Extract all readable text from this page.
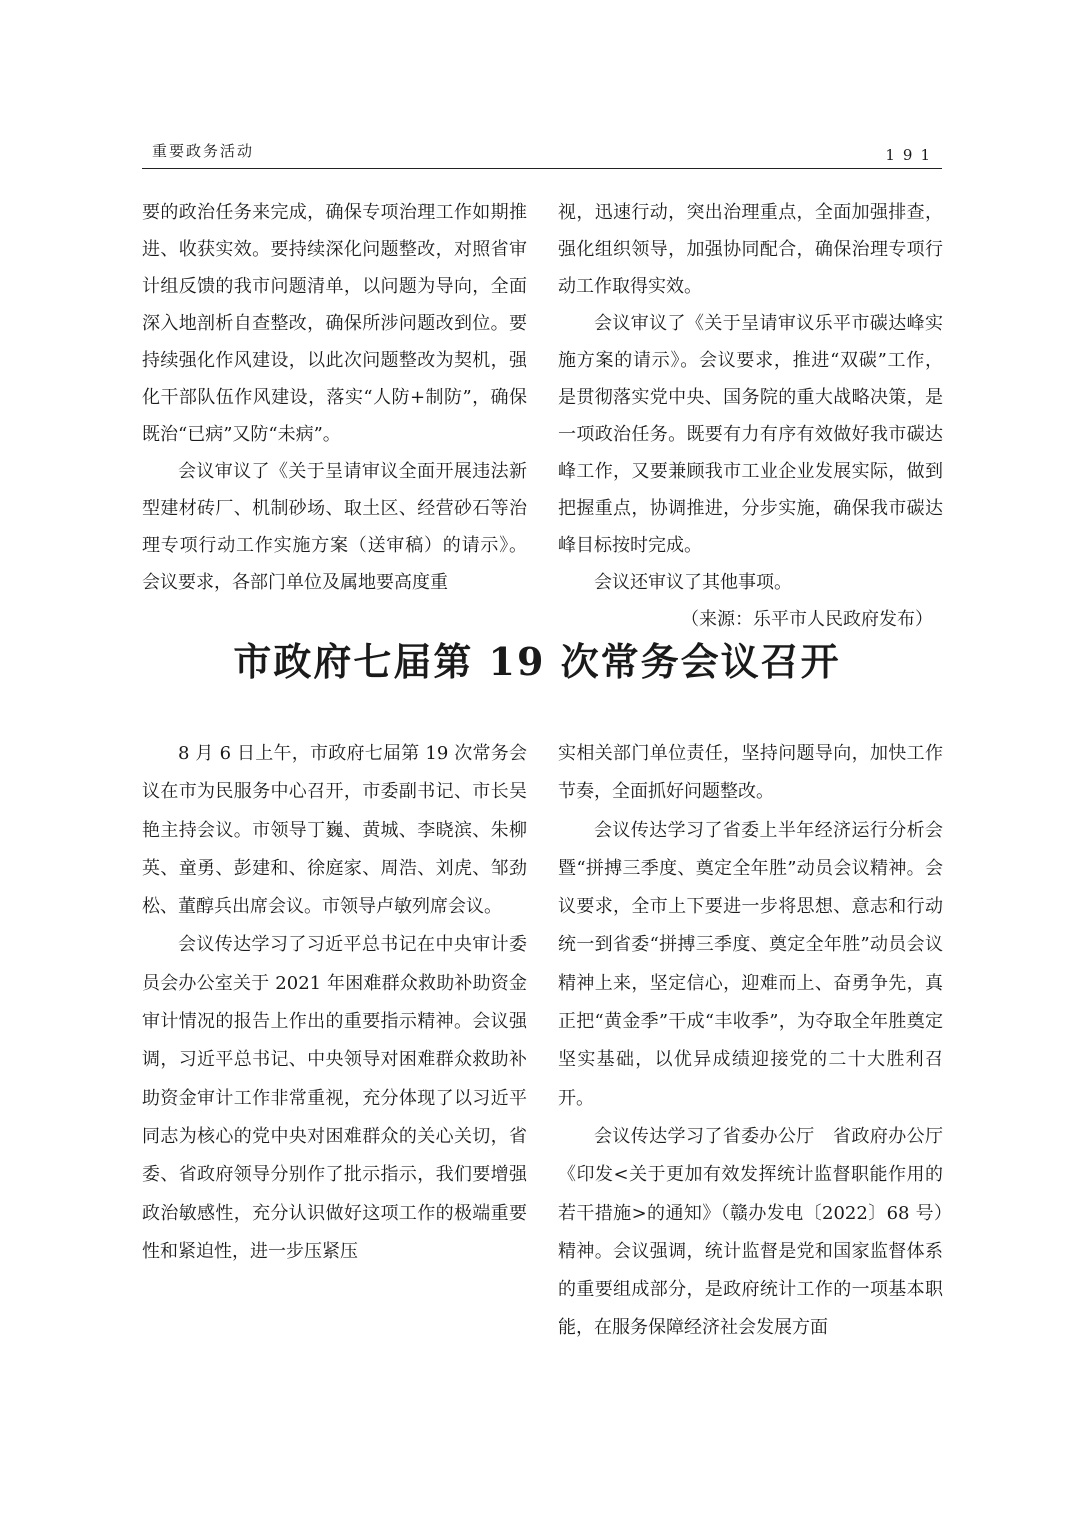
重要政务活动	191

要的政治任务来完成，确保专项治理工作如期推进、收获实效。要持续深化问题整改，对照省审计组反馈的我市问题清单，以问题为导向，全面深入地剖析自查整改，确保所涉问题改到位。要持续强化作风建设，以此次问题整改为契机，强化干部队伍作风建设，落实“人防+制防”，确保既治“已病”又防“未病”。

会议审议了《关于呈请审议全面开展违法新型建材砖厂、机制砂场、取土区、经营砂石等治理专项行动工作实施方案（送审稿）的请示》。会议要求，各部门单位及属地要高度重

视，迅速行动，突出治理重点，全面加强排查，强化组织领导，加强协同配合，确保治理专项行动工作取得实效。

会议审议了《关于呈请审议乐平市碳达峰实施方案的请示》。会议要求，推进“双碳”工作，是贯彻落实党中央、国务院的重大战略决策，是一项政治任务。既要有力有序有效做好我市碳达峰工作，又要兼顾我市工业企业发展实际，做到把握重点，协调推进，分步实施，确保我市碳达峰目标按时完成。

会议还审议了其他事项。

（来源：乐平市人民政府发布）

市政府七届第 19 次常务会议召开

8 月 6 日上午，市政府七届第 19 次常务会议在市为民服务中心召开，市委副书记、市长吴艳主持会议。市领导丁巍、黄城、李晓滨、朱柳英、童勇、彭建和、徐庭家、周浩、刘虎、邹劲松、董醇兵出席会议。市领导卢敏列席会议。

会议传达学习了习近平总书记在中央审计委员会办公室关于 2021 年困难群众救助补助资金审计情况的报告上作出的重要指示精神。会议强调，习近平总书记、中央领导对困难群众救助补助资金审计工作非常重视，充分体现了以习近平同志为核心的党中央对困难群众的关心关切，省委、省政府领导分别作了批示指示，我们要增强政治敏感性，充分认识做好这项工作的极端重要性和紧迫性，进一步压紧压

实相关部门单位责任，坚持问题导向，加快工作节奏，全面抓好问题整改。

会议传达学习了省委上半年经济运行分析会暨“拼搏三季度、奠定全年胜”动员会议精神。会议要求，全市上下要进一步将思想、意志和行动统一到省委“拼搏三季度、奠定全年胜”动员会议精神上来，坚定信心，迎难而上、奋勇争先，真正把“黄金季”干成“丰收季”，为夺取全年胜奠定坚实基础，以优异成绩迎接党的二十大胜利召开。

会议传达学习了省委办公厅　省政府办公厅《印发<关于更加有效发挥统计监督职能作用的若干措施>的通知》（赣办发电〔2022〕68 号）精神。会议强调，统计监督是党和国家监督体系的重要组成部分，是政府统计工作的一项基本职能，在服务保障经济社会发展方面
